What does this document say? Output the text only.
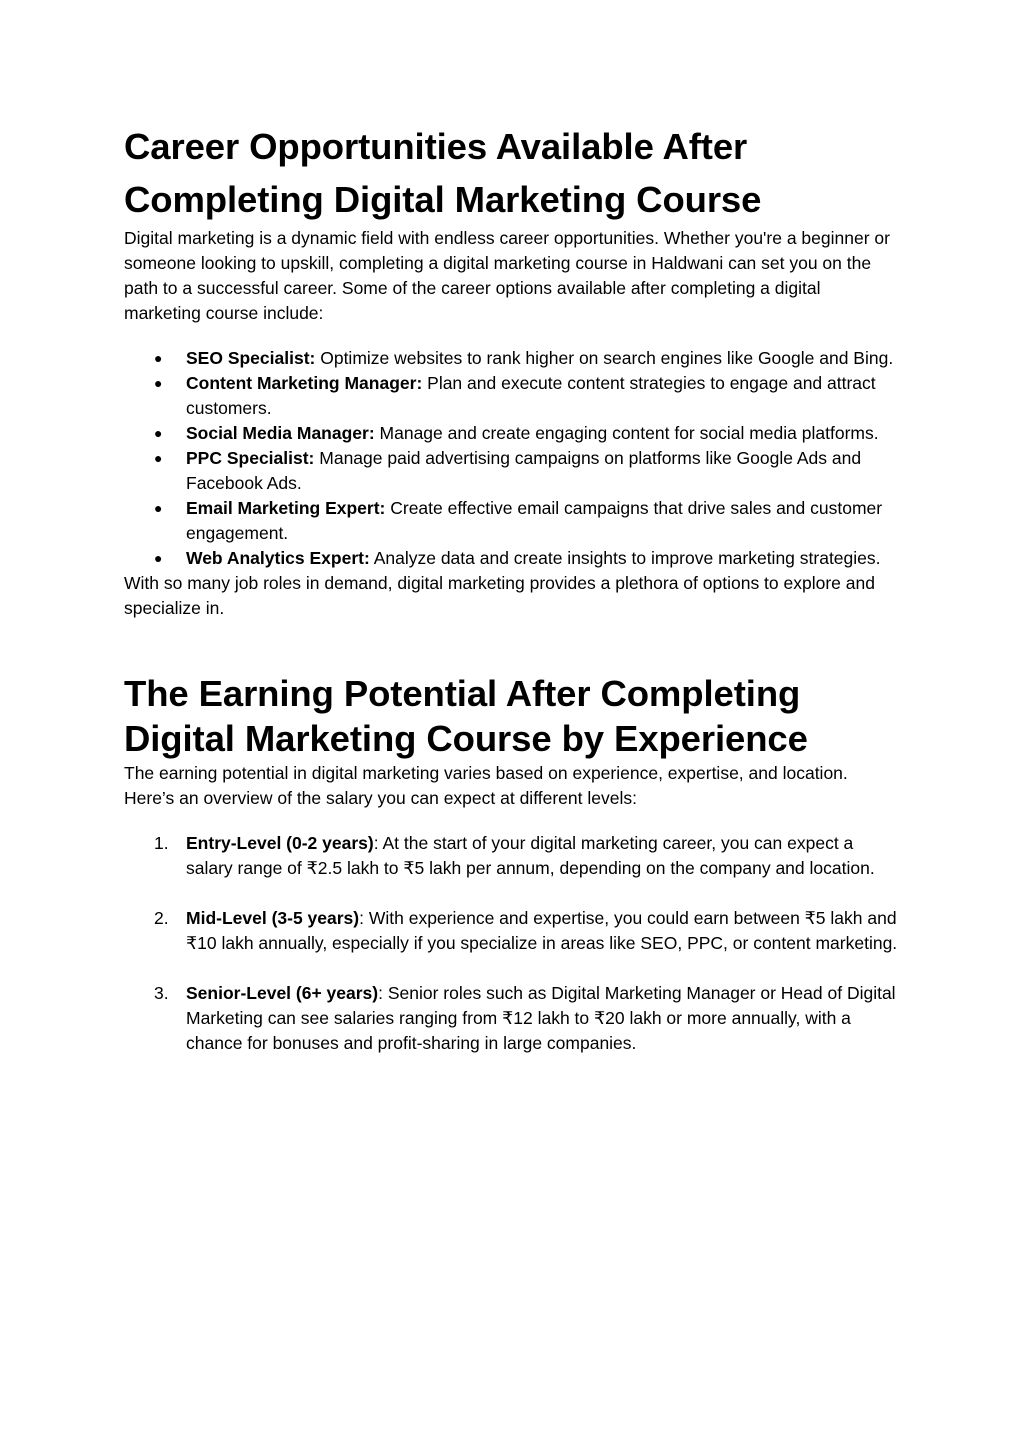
Career Opportunities Available After Completing Digital Marketing Course

Digital marketing is a dynamic field with endless career opportunities. Whether you're a beginner or someone looking to upskill, completing a digital marketing course in Haldwani can set you on the path to a successful career. Some of the career options available after completing a digital marketing course include:

● SEO Specialist: Optimize websites to rank higher on search engines like Google and Bing.
● Content Marketing Manager: Plan and execute content strategies to engage and attract customers.
● Social Media Manager: Manage and create engaging content for social media platforms.
● PPC Specialist: Manage paid advertising campaigns on platforms like Google Ads and Facebook Ads.
● Email Marketing Expert: Create effective email campaigns that drive sales and customer engagement.
● Web Analytics Expert: Analyze data and create insights to improve marketing strategies.

With so many job roles in demand, digital marketing provides a plethora of options to explore and specialize in.

The Earning Potential After Completing Digital Marketing Course by Experience

The earning potential in digital marketing varies based on experience, expertise, and location. Here’s an overview of the salary you can expect at different levels:

1. Entry-Level (0-2 years): At the start of your digital marketing career, you can expect a salary range of ₹2.5 lakh to ₹5 lakh per annum, depending on the company and location.
2. Mid-Level (3-5 years): With experience and expertise, you could earn between ₹5 lakh and ₹10 lakh annually, especially if you specialize in areas like SEO, PPC, or content marketing.
3. Senior-Level (6+ years): Senior roles such as Digital Marketing Manager or Head of Digital Marketing can see salaries ranging from ₹12 lakh to ₹20 lakh or more annually, with a chance for bonuses and profit-sharing in large companies.
